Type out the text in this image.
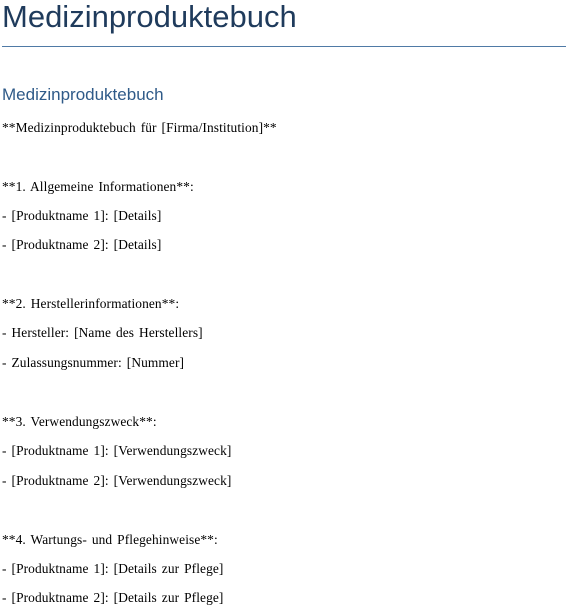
Medizinproduktebuch
Medizinproduktebuch

**Medizinproduktebuch für [Firma/Institution]**

**1. Allgemeine Informationen**:

- [Produktname 1]: [Details]

- [Produktname 2]: [Details]

**2. Herstellerinformationen**:

- Hersteller: [Name des Herstellers]

- Zulassungsnummer: [Nummer]

**3. Verwendungszweck**:

- [Produktname 1]: [Verwendungszweck]

- [Produktname 2]: [Verwendungszweck]

**4. Wartungs- und Pflegehinweise**:

- [Produktname 1]: [Details zur Pflege]

- [Produktname 2]: [Details zur Pflege]
